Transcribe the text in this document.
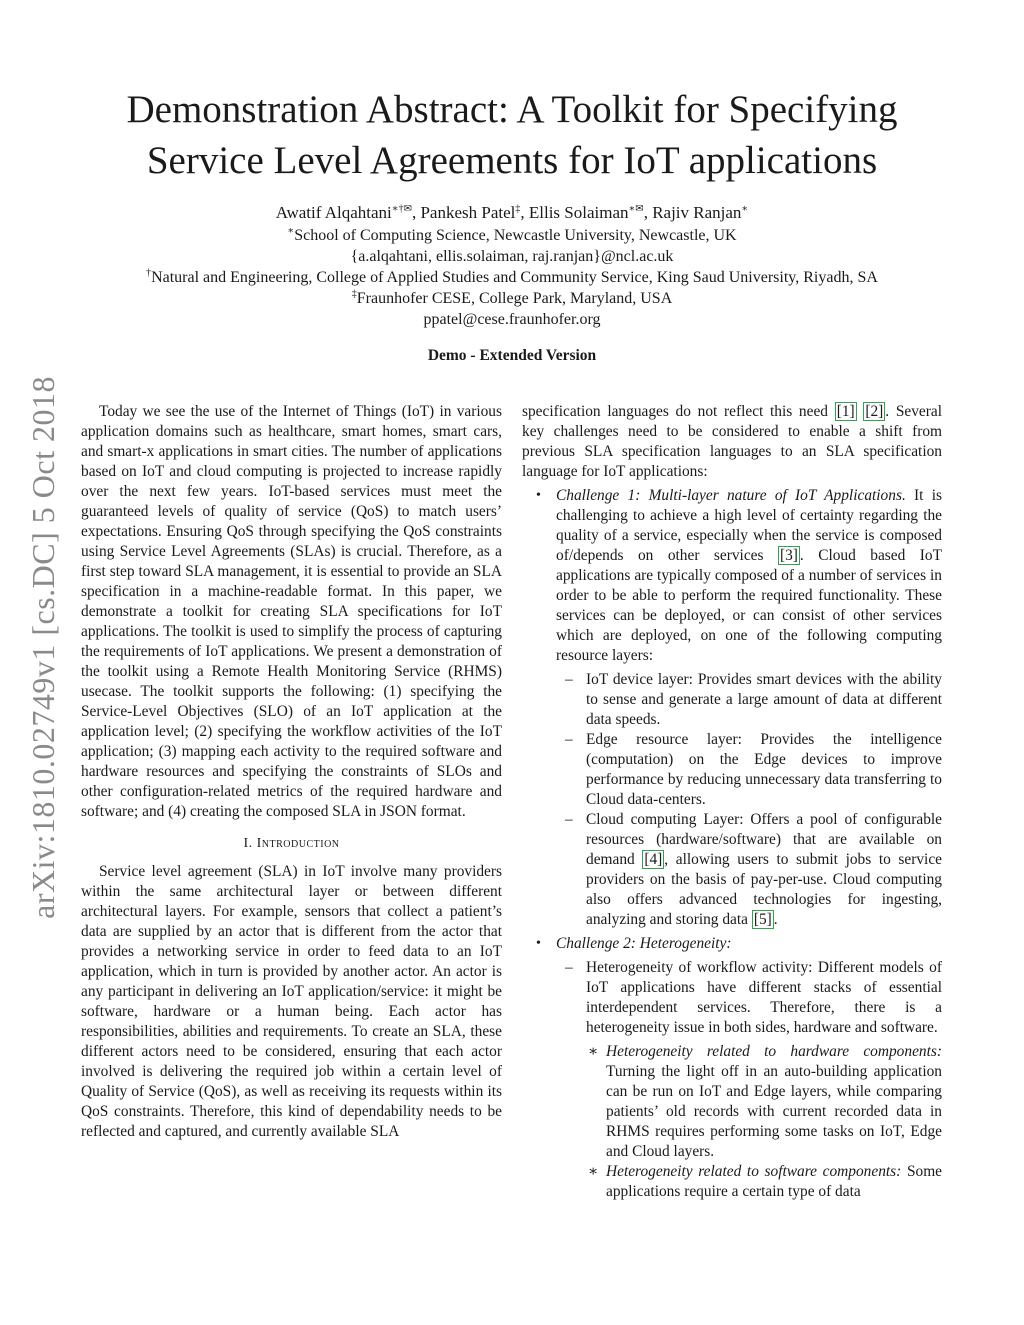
arXiv:1810.02749v1 [cs.DC] 5 Oct 2018
Demonstration Abstract: A Toolkit for Specifying
Service Level Agreements for IoT applications
Awatif Alqahtani∗†✉, Pankesh Patel‡, Ellis Solaiman∗✉, Rajiv Ranjan∗
∗School of Computing Science, Newcastle University, Newcastle, UK
{a.alqahtani, ellis.solaiman, raj.ranjan}@ncl.ac.uk
†Natural and Engineering, College of Applied Studies and Community Service, King Saud University, Riyadh, SA
‡Fraunhofer CESE, College Park, Maryland, USA
ppatel@cese.fraunhofer.org
Demo - Extended Version

Today we see the use of the Internet of Things (IoT) in various application domains such as healthcare, smart homes, smart cars, and smart-x applications in smart cities. The number of applications based on IoT and cloud computing is projected to increase rapidly over the next few years. IoT-based services must meet the guaranteed levels of quality of service (QoS) to match users’ expectations. Ensuring QoS through specifying the QoS constraints using Service Level Agreements (SLAs) is crucial. Therefore, as a first step toward SLA management, it is essential to provide an SLA specification in a machine-readable format. In this paper, we demonstrate a toolkit for creating SLA specifications for IoT applications. The toolkit is used to simplify the process of capturing the requirements of IoT applications. We present a demonstration of the toolkit using a Remote Health Monitoring Service (RHMS) usecase. The toolkit supports the following: (1) specifying the Service-Level Objectives (SLO) of an IoT application at the application level; (2) specifying the workflow activities of the IoT application; (3) mapping each activity to the required software and hardware resources and specifying the constraints of SLOs and other configuration-related metrics of the required hardware and software; and (4) creating the composed SLA in JSON format.

I. Introduction

Service level agreement (SLA) in IoT involve many providers within the same architectural layer or between different architectural layers. For example, sensors that collect a patient’s data are supplied by an actor that is different from the actor that provides a networking service in order to feed data to an IoT application, which in turn is provided by another actor. An actor is any participant in delivering an IoT application/service: it might be software, hardware or a human being. Each actor has responsibilities, abilities and requirements. To create an SLA, these different actors need to be considered, ensuring that each actor involved is delivering the required job within a certain level of Quality of Service (QoS), as well as receiving its requests within its QoS constraints. Therefore, this kind of dependability needs to be reflected and captured, and currently available SLA

specification languages do not reflect this need [1] [2] . Several key challenges need to be considered to enable a shift from previous SLA specification languages to an SLA specification language for IoT applications:

• Challenge 1: Multi-layer nature of IoT Applications. It is challenging to achieve a high level of certainty regarding the quality of a service, especially when the service is composed of/depends on other services [3] . Cloud based IoT applications are typically composed of a number of services in order to be able to perform the required functionality. These services can be deployed, or can consist of other services which are deployed, on one of the following computing resource layers:
– IoT device layer: Provides smart devices with the ability to sense and generate a large amount of data at different data speeds.
– Edge resource layer: Provides the intelligence (computation) on the Edge devices to improve performance by reducing unnecessary data transferring to Cloud data-centers.
– Cloud computing Layer: Offers a pool of configurable resources (hardware/software) that are available on demand [4] , allowing users to submit jobs to service providers on the basis of pay-per-use. Cloud computing also offers advanced technologies for ingesting, analyzing and storing data [5] .
• Challenge 2: Heterogeneity:
– Heterogeneity of workflow activity: Different models of IoT applications have different stacks of essential interdependent services. Therefore, there is a heterogeneity issue in both sides, hardware and software.
∗ Heterogeneity related to hardware components: Turning the light off in an auto-building application can be run on IoT and Edge layers, while comparing patients’ old records with current recorded data in RHMS requires performing some tasks on IoT, Edge and Cloud layers.
∗ Heterogeneity related to software components: Some applications require a certain type of data
